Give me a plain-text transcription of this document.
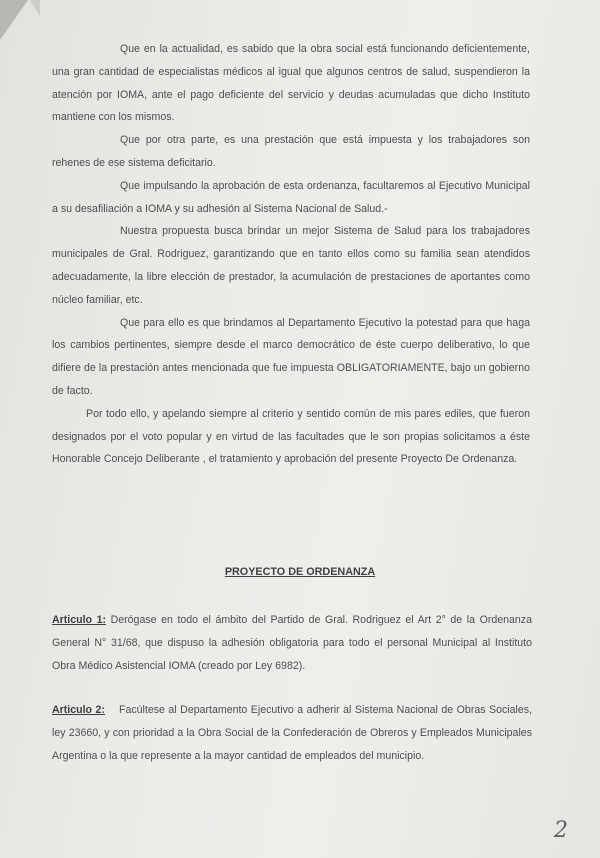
Que en la actualidad, es sabido que la obra social está funcionando deficientemente, una gran cantidad de especialistas médicos al igual que algunos centros de salud, suspendieron la atención por IOMA, ante el pago deficiente del servicio y deudas acumuladas que dicho Instituto mantiene con los mismos.

Que por otra parte, es una prestación que está impuesta y los trabajadores son rehenes de ese sistema deficitario.

Que impulsando la aprobación de esta ordenanza, facultaremos al Ejecutivo Municipal a su desafiliación a IOMA y su adhesión al Sistema Nacional de Salud.-

Nuestra propuesta busca brindar un mejor Sistema de Salud para los trabajadores municipales de Gral. Rodriguez, garantizando que en tanto ellos como su familia sean atendidos adecuadamente, la libre elección de prestador, la acumulación de prestaciones de aportantes como núcleo familiar, etc.

Que para ello es que brindamos al Departamento Ejecutivo la potestad para que haga los cambios pertinentes, siempre desde el marco democrático de éste cuerpo deliberativo, lo que difiere de la prestación antes mencionada que fue impuesta OBLIGATORIAMENTE, bajo un gobierno de facto.

Por todo ello, y apelando siempre al criterio y sentido común de mis pares ediles, que fueron designados por el voto popular y en virtud de las facultades que le son propias solicitamos a éste Honorable Concejo Deliberante , el tratamiento y aprobación del presente Proyecto De Ordenanza.

PROYECTO DE ORDENANZA
Articulo 1: Derógase en todo el ámbito del Partido de Gral. Rodriguez el Art 2° de la Ordenanza General N° 31/68, que dispuso la adhesión obligatoria para todo el personal Municipal al Instituto Obra Médico Asistencial IOMA (creado por Ley 6982).
Articulo 2: Facúltese al Departamento Ejecutivo a adherir al Sistema Nacional de Obras Sociales, ley 23660, y con prioridad a la Obra Social de la Confederación de Obreros y Empleados Municipales Argentina o la que represente a la mayor cantidad de empleados del municipio.
2
